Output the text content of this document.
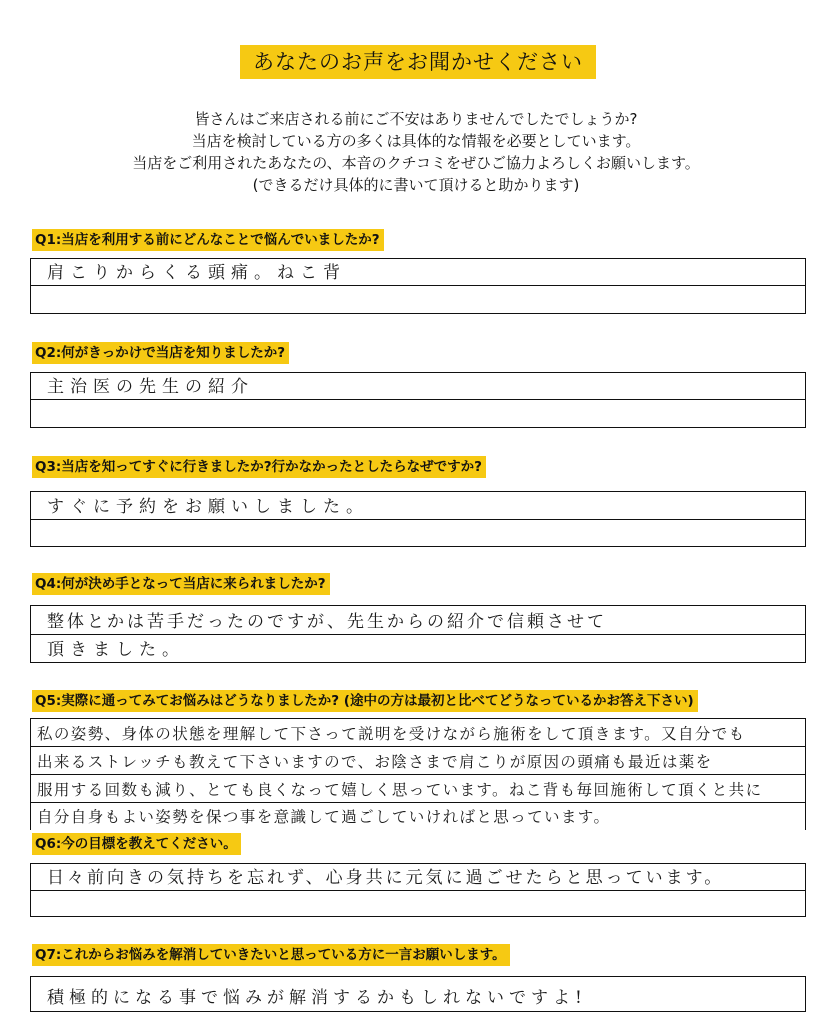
あなたのお声をお聞かせください
皆さんはご来店される前にご不安はありませんでしたでしょうか?
当店を検討している方の多くは具体的な情報を必要としています。
当店をご利用されたあなたの、本音のクチコミをぜひご協力よろしくお願いします。
(できるだけ具体的に書いて頂けると助かります)
Q1:当店を利用する前にどんなことで悩んでいましたか?
肩こりからくる頭痛。ねこ背
Q2:何がきっかけで当店を知りましたか?
主治医の先生の紹介
Q3:当店を知ってすぐに行きましたか?行かなかったとしたらなぜですか?
すぐに予約をお願いしました。
Q4:何が決め手となって当店に来られましたか?
整体とかは苦手だったのですが、先生からの紹介で信頼させて
頂きました。
Q5:実際に通ってみてお悩みはどうなりましたか? (途中の方は最初と比べてどうなっているかお答え下さい)
私の姿勢、身体の状態を理解して下さって説明を受けながら施術をして頂きます。又自分でも
出来るストレッチも教えて下さいますので、お陰さまで肩こりが原因の頭痛も最近は薬を
服用する回数も減り、とても良くなって嬉しく思っています。ねこ背も毎回施術して頂くと共に
自分自身もよい姿勢を保つ事を意識して過ごしていければと思っています。
Q6:今の目標を教えてください。
日々前向きの気持ちを忘れず、心身共に元気に過ごせたらと思っています。
Q7:これからお悩みを解消していきたいと思っている方に一言お願いします。
積極的になる事で悩みが解消するかもしれないですよ!
